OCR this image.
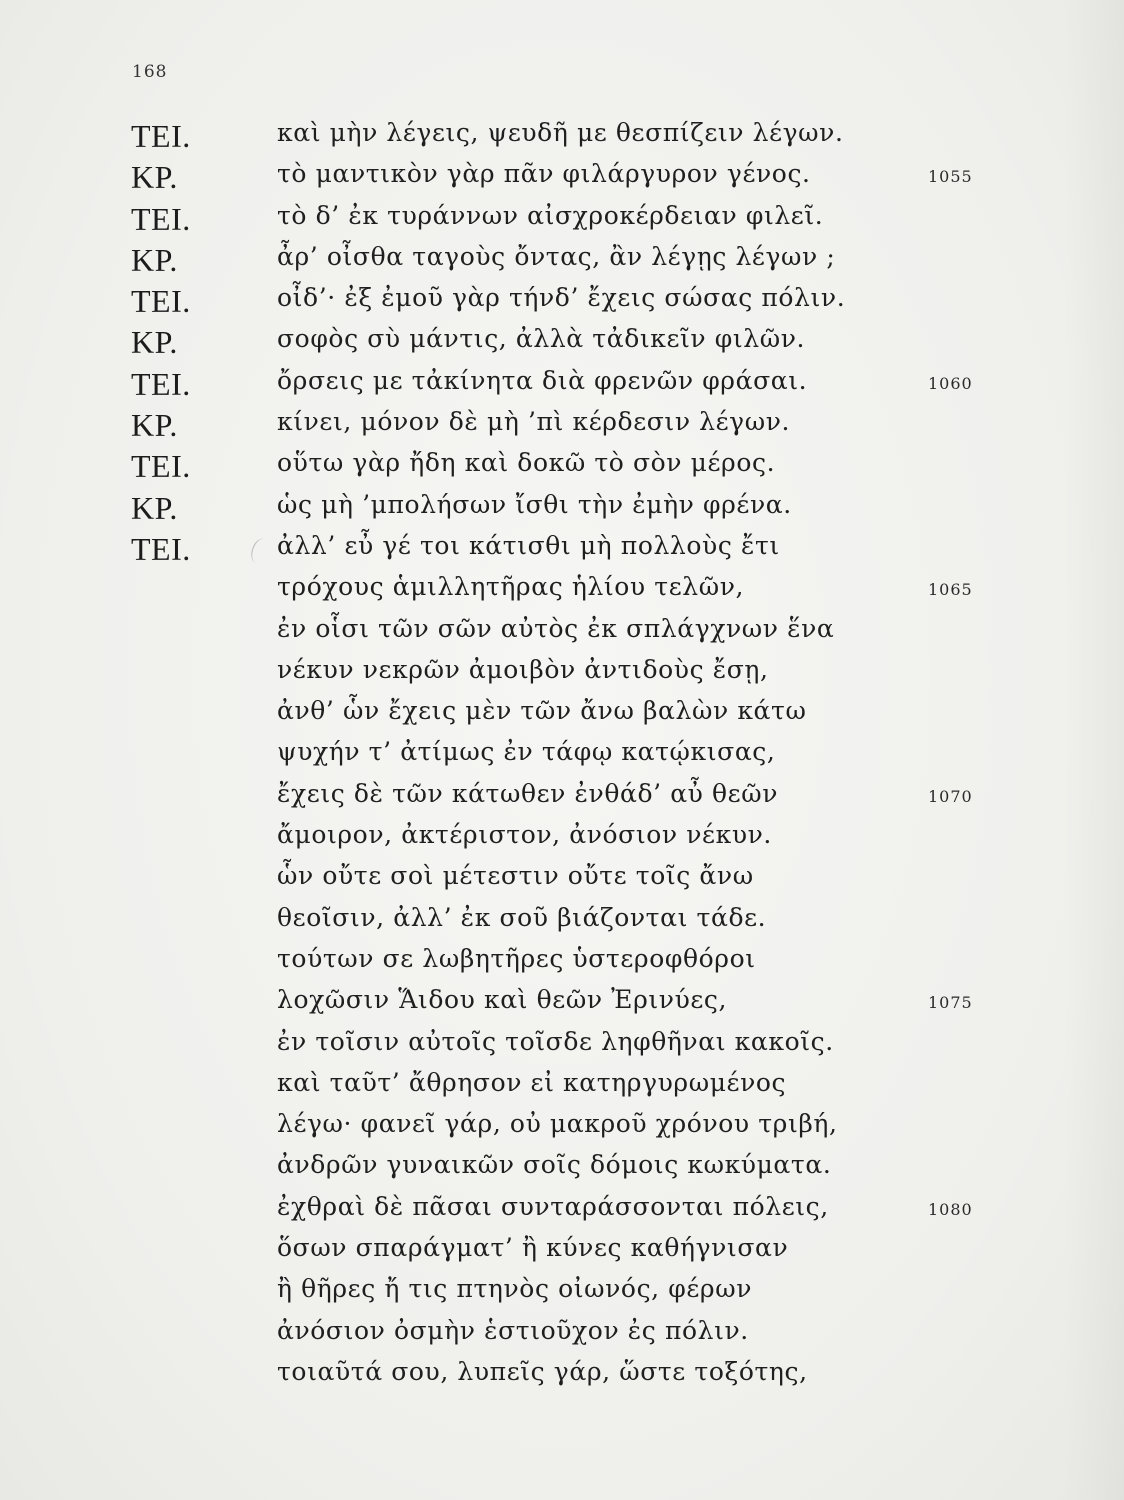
168
ΤΕΙ.	καὶ μὴν λέγεις, ψευδῆ με θεσπίζειν λέγων.
ΚΡ.	τὸ μαντικὸν γὰρ πᾶν φιλάργυρον γένος.	1055
ΤΕΙ.	τὸ δ’ ἐκ τυράννων αἰσχροκέρδειαν φιλεῖ.
ΚΡ.	ἆρ’ οἶσθα ταγοὺς ὄντας, ἂν λέγῃς λέγων ;
ΤΕΙ.	οἶδ’· ἐξ ἐμοῦ γὰρ τήνδ’ ἔχεις σώσας πόλιν.
ΚΡ.	σοφὸς σὺ μάντις, ἀλλὰ τἀδικεῖν φιλῶν.
ΤΕΙ.	ὄρσεις με τἀκίνητα διὰ φρενῶν φράσαι.	1060
ΚΡ.	κίνει, μόνον δὲ μὴ ’πὶ κέρδεσιν λέγων.
ΤΕΙ.	οὕτω γὰρ ἤδη καὶ δοκῶ τὸ σὸν μέρος.
ΚΡ.	ὡς μὴ ’μπολήσων ἴσθι τὴν ἐμὴν φρένα.
ΤΕΙ.	ἀλλ’ εὖ γέ τοι κάτισθι μὴ πολλοὺς ἔτι
τρόχους ἁμιλλητῆρας ἡλίου τελῶν,	1065
ἐν οἷσι τῶν σῶν αὐτὸς ἐκ σπλάγχνων ἕνα
νέκυν νεκρῶν ἀμοιβὸν ἀντιδοὺς ἔσῃ,
ἀνθ’ ὧν ἔχεις μὲν τῶν ἄνω βαλὼν κάτω
ψυχήν τ’ ἀτίμως ἐν τάφῳ κατῴκισας,
ἔχεις δὲ τῶν κάτωθεν ἐνθάδ’ αὖ θεῶν	1070
ἄμοιρον, ἀκτέριστον, ἀνόσιον νέκυν.
ὧν οὔτε σοὶ μέτεστιν οὔτε τοῖς ἄνω
θεοῖσιν, ἀλλ’ ἐκ σοῦ βιάζονται τάδε.
τούτων σε λωβητῆρες ὑστεροφθόροι
λοχῶσιν Ἅιδου καὶ θεῶν Ἐρινύες,	1075
ἐν τοῖσιν αὐτοῖς τοῖσδε ληφθῆναι κακοῖς.
καὶ ταῦτ’ ἄθρησον εἰ κατηργυρωμένος
λέγω· φανεῖ γάρ, οὐ μακροῦ χρόνου τριβή,
ἀνδρῶν γυναικῶν σοῖς δόμοις κωκύματα.
ἐχθραὶ δὲ πᾶσαι συνταράσσονται πόλεις,	1080
ὅσων σπαράγματ’ ἢ κύνες καθήγνισαν
ἢ θῆρες ἤ τις πτηνὸς οἰωνός, φέρων
ἀνόσιον ὀσμὴν ἑστιοῦχον ἐς πόλιν.
τοιαῦτά σου, λυπεῖς γάρ, ὥστε τοξότης,
